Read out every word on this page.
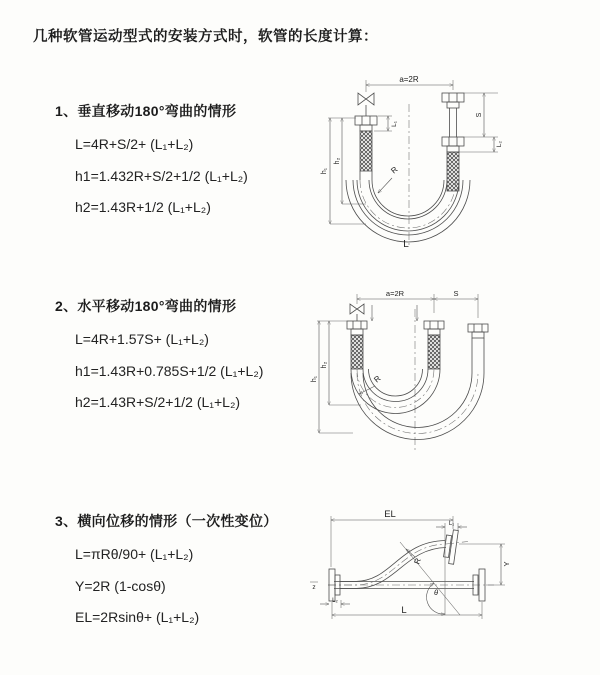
几种软管运动型式的安装方式时，软管的长度计算：
1、垂直移动180°弯曲的情形
L=4R+S/2+ (L₁+L₂)
h1=1.432R+S/2+1/2 (L₁+L₂)
h2=1.43R+1/2 (L₁+L₂)
a=2R
h₁
h₂
L₁
S
L₂
R
L
2、水平移动180°弯曲的情形
L=4R+1.57S+ (L₁+L₂)
h1=1.43R+0.785S+1/2 (L₁+L₂)
h2=1.43R+S/2+1/2 (L₁+L₂)
a=2R	S
h₁
h₂
R
3、横向位移的情形（一次性变位）
L=πRθ/90+ (L₁+L₂)
Y=2R (1-cosθ)
EL=2Rsinθ+ (L₁+L₂)
EL
L₁
z
θ
R	Y
L₂
L
